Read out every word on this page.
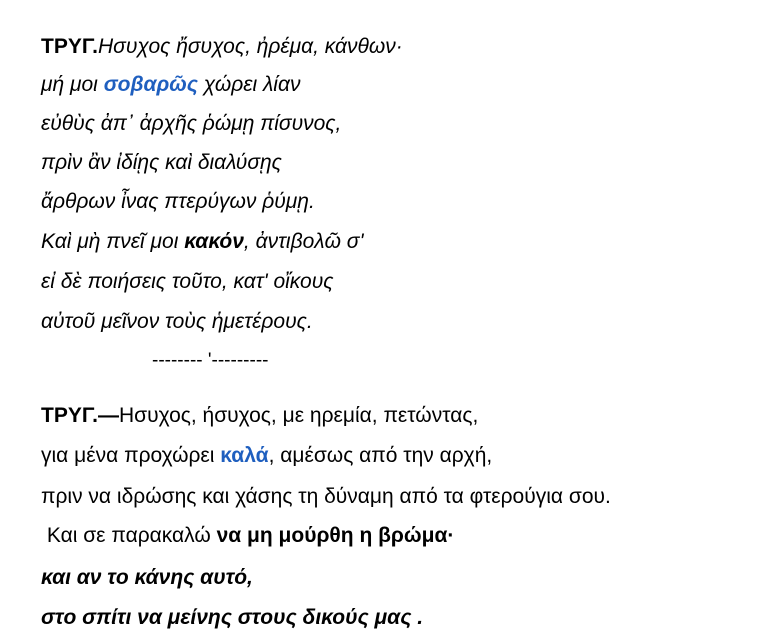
ΤΡΥΓ.Ησυχος ἤσυχος, ἠρέμα, κάνθων·
μή μοι σοβαρῶς χώρει λίαν
εὐθὺς ἀπ᾽ ἀρχῆς ῥώμῃ πίσυνος,
πρὶν ἂν ἰδίῃς καὶ διαλύσῃς
ἄρθρων ἶνας πτερύγων ῥύμῃ.
Καὶ μὴ πνεῖ μοι κακόν, ἀντιβολῶ σ'
εἰ δὲ ποιήσεις τοῦτο, κατ' οἴκους
αὐτοῦ μεῖνον τοὺς ἡμετέρους.
-------- '---------
ΤΡΥΓ.—Ησυχος, ήσυχος, με ηρεμία, πετώντας,
για μένα προχώρει καλά, αμέσως από την αρχή,
πριν να ιδρώσης και χάσης τη δύναμη από τα φτερούγια σου.
Και σε παρακαλώ να μη μούρθη η βρώμα·
και αν το κάνης αυτό,
στο σπίτι να μείνης στους δικούς μας .
